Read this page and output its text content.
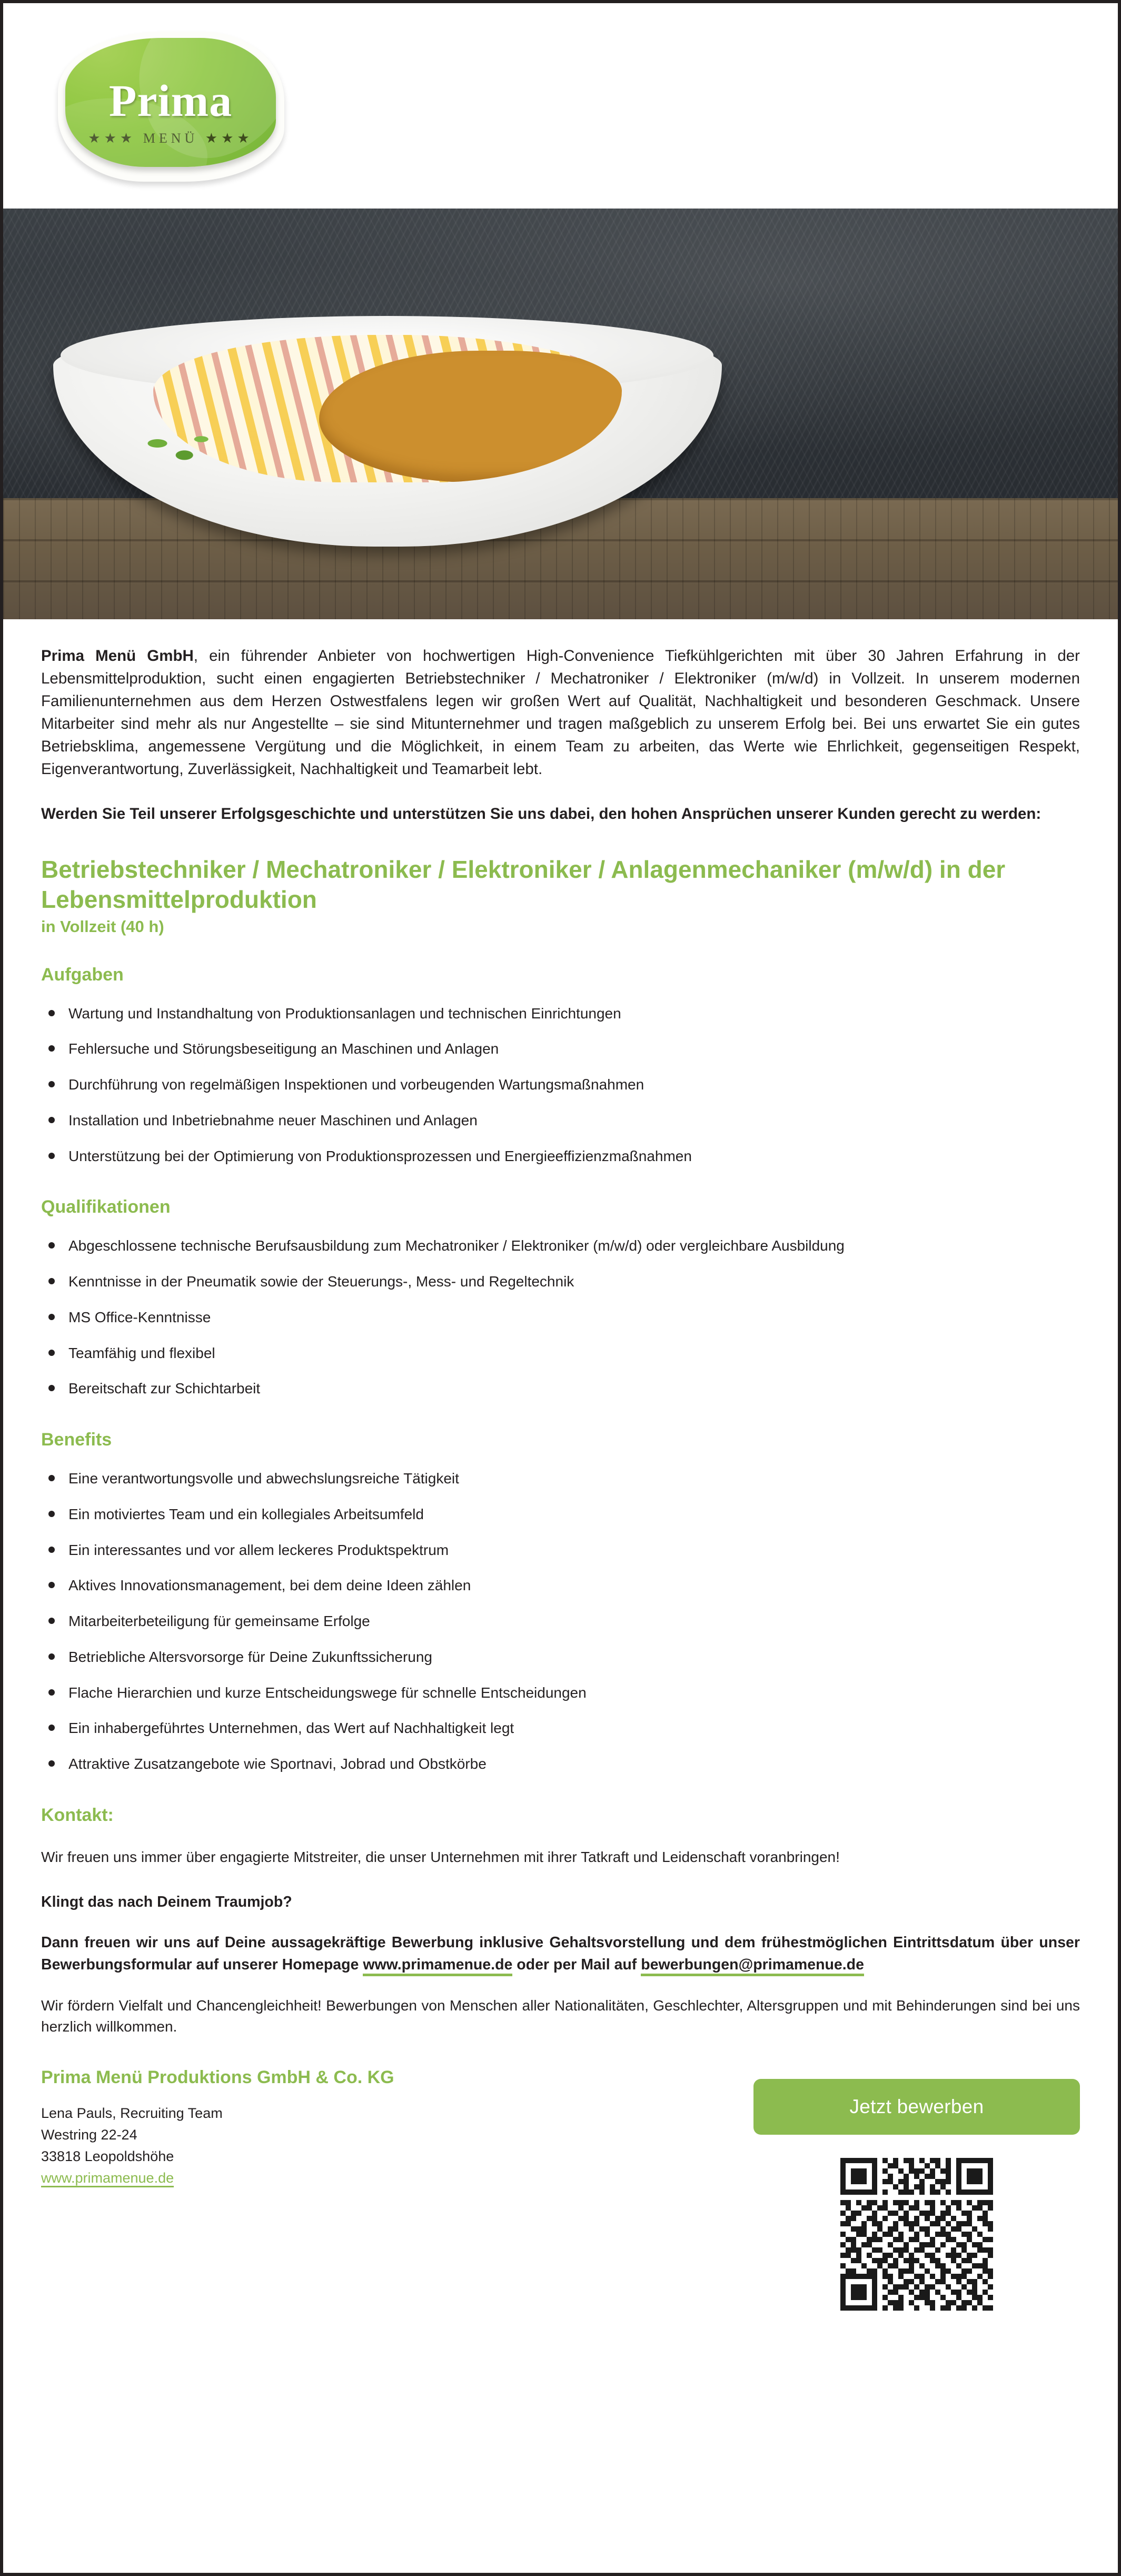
Prima
★★★ MENÜ ★★★

Prima Menü GmbH, ein führender Anbieter von hochwertigen High-Convenience Tiefkühlgerichten mit über 30 Jahren Erfahrung in der Lebensmittelproduktion, sucht einen engagierten Betriebstechniker / Mechatroniker / Elektroniker (m/w/d) in Vollzeit. In unserem modernen Familienunternehmen aus dem Herzen Ostwestfalens legen wir großen Wert auf Qualität, Nachhaltigkeit und besonderen Geschmack. Unsere Mitarbeiter sind mehr als nur Angestellte – sie sind Mitunternehmer und tragen maßgeblich zu unserem Erfolg bei. Bei uns erwartet Sie ein gutes Betriebsklima, angemessene Vergütung und die Möglichkeit, in einem Team zu arbeiten, das Werte wie Ehrlichkeit, gegenseitigen Respekt, Eigenverantwortung, Zuverlässigkeit, Nachhaltigkeit und Teamarbeit lebt.

Werden Sie Teil unserer Erfolgsgeschichte und unterstützen Sie uns dabei, den hohen Ansprüchen unserer Kunden gerecht zu werden:

Betriebstechniker / Mechatroniker / Elektroniker / Anlagenmechaniker (m/w/d) in der Lebensmittelproduktion
in Vollzeit (40 h)
Aufgaben
Wartung und Instandhaltung von Produktionsanlagen und technischen Einrichtungen
Fehlersuche und Störungsbeseitigung an Maschinen und Anlagen
Durchführung von regelmäßigen Inspektionen und vorbeugenden Wartungsmaßnahmen
Installation und Inbetriebnahme neuer Maschinen und Anlagen
Unterstützung bei der Optimierung von Produktionsprozessen und Energieeffizienzmaßnahmen
Qualifikationen
Abgeschlossene technische Berufsausbildung zum Mechatroniker / Elektroniker (m/w/d) oder vergleichbare Ausbildung
Kenntnisse in der Pneumatik sowie der Steuerungs-, Mess- und Regeltechnik
MS Office-Kenntnisse
Teamfähig und flexibel
Bereitschaft zur Schichtarbeit
Benefits
Eine verantwortungsvolle und abwechslungsreiche Tätigkeit
Ein motiviertes Team und ein kollegiales Arbeitsumfeld
Ein interessantes und vor allem leckeres Produktspektrum
Aktives Innovationsmanagement, bei dem deine Ideen zählen
Mitarbeiterbeteiligung für gemeinsame Erfolge
Betriebliche Altersvorsorge für Deine Zukunftssicherung
Flache Hierarchien und kurze Entscheidungswege für schnelle Entscheidungen
Ein inhabergeführtes Unternehmen, das Wert auf Nachhaltigkeit legt
Attraktive Zusatzangebote wie Sportnavi, Jobrad und Obstkörbe
Kontakt:

Wir freuen uns immer über engagierte Mitstreiter, die unser Unternehmen mit ihrer Tatkraft und Leidenschaft voranbringen!

Klingt das nach Deinem Traumjob?

Dann freuen wir uns auf Deine aussagekräftige Bewerbung inklusive Gehaltsvorstellung und dem frühestmöglichen Eintrittsdatum über unser Bewerbungsformular auf unserer Homepage www.primamenue.de oder per Mail auf bewerbungen@primamenue.de

Wir fördern Vielfalt und Chancengleichheit! Bewerbungen von Menschen aller Nationalitäten, Geschlechter, Altersgruppen und mit Behinderungen sind bei uns herzlich willkommen.

Prima Menü Produktions GmbH & Co. KG
Lena Pauls, Recruiting Team
Westring 22-24
33818 Leopoldshöhe
www.primamenue.de
Jetzt bewerben
